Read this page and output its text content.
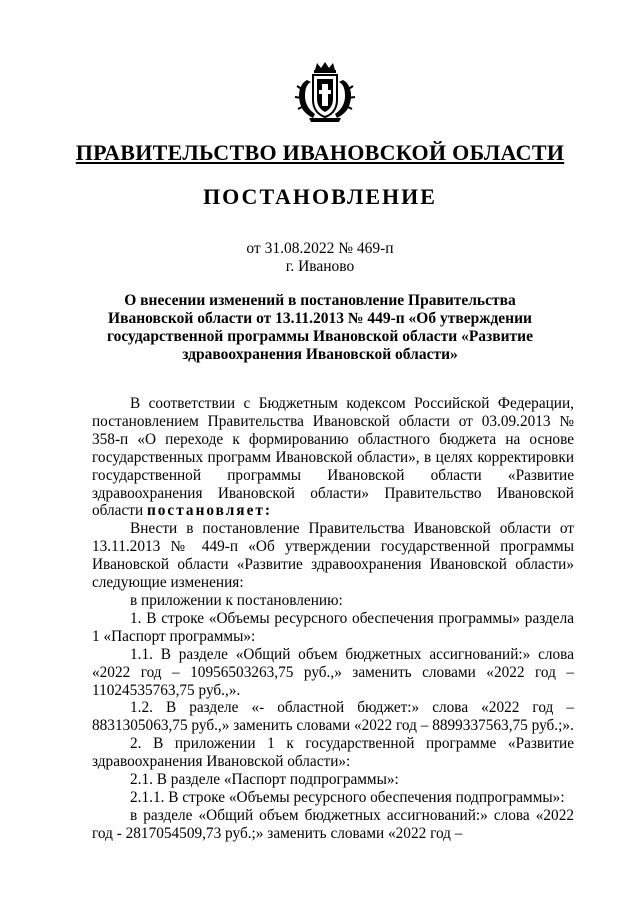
ПРАВИТЕЛЬСТВО ИВАНОВСКОЙ ОБЛАСТИ
ПОСТАНОВЛЕНИЕ
от 31.08.2022 № 469-п
г. Иваново
О внесении изменений в постановление Правительства Ивановской области от 13.11.2013 № 449-п «Об утверждении государственной программы Ивановской области «Развитие здравоохранения Ивановской области»

В соответствии с Бюджетным кодексом Российской Федерации, постановлением Правительства Ивановской области от 03.09.2013 № 358-п «О переходе к формированию областного бюджета на основе государственных программ Ивановской области», в целях корректировки государственной программы Ивановской области «Развитие здравоохранения Ивановской области» Правительство Ивановской области постановляет:

Внести в постановление Правительства Ивановской области от 13.11.2013 № 449-п «Об утверждении государственной программы Ивановской области «Развитие здравоохранения Ивановской области» следующие изменения:

в приложении к постановлению:

1. В строке «Объемы ресурсного обеспечения программы» раздела 1 «Паспорт программы»:

1.1. В разделе «Общий объем бюджетных ассигнований:» слова «2022 год – 10956503263,75 руб.,» заменить словами «2022 год – 11024535763,75 руб.,».

1.2. В разделе «- областной бюджет:» слова «2022 год – 8831305063,75 руб.,» заменить словами «2022 год – 8899337563,75 руб.;».

2. В приложении 1 к государственной программе «Развитие здравоохранения Ивановской области»:

2.1. В разделе «Паспорт подпрограммы»:

2.1.1. В строке «Объемы ресурсного обеспечения подпрограммы»:

в разделе «Общий объем бюджетных ассигнований:» слова «2022 год - 2817054509,73 руб.;» заменить словами «2022 год –
